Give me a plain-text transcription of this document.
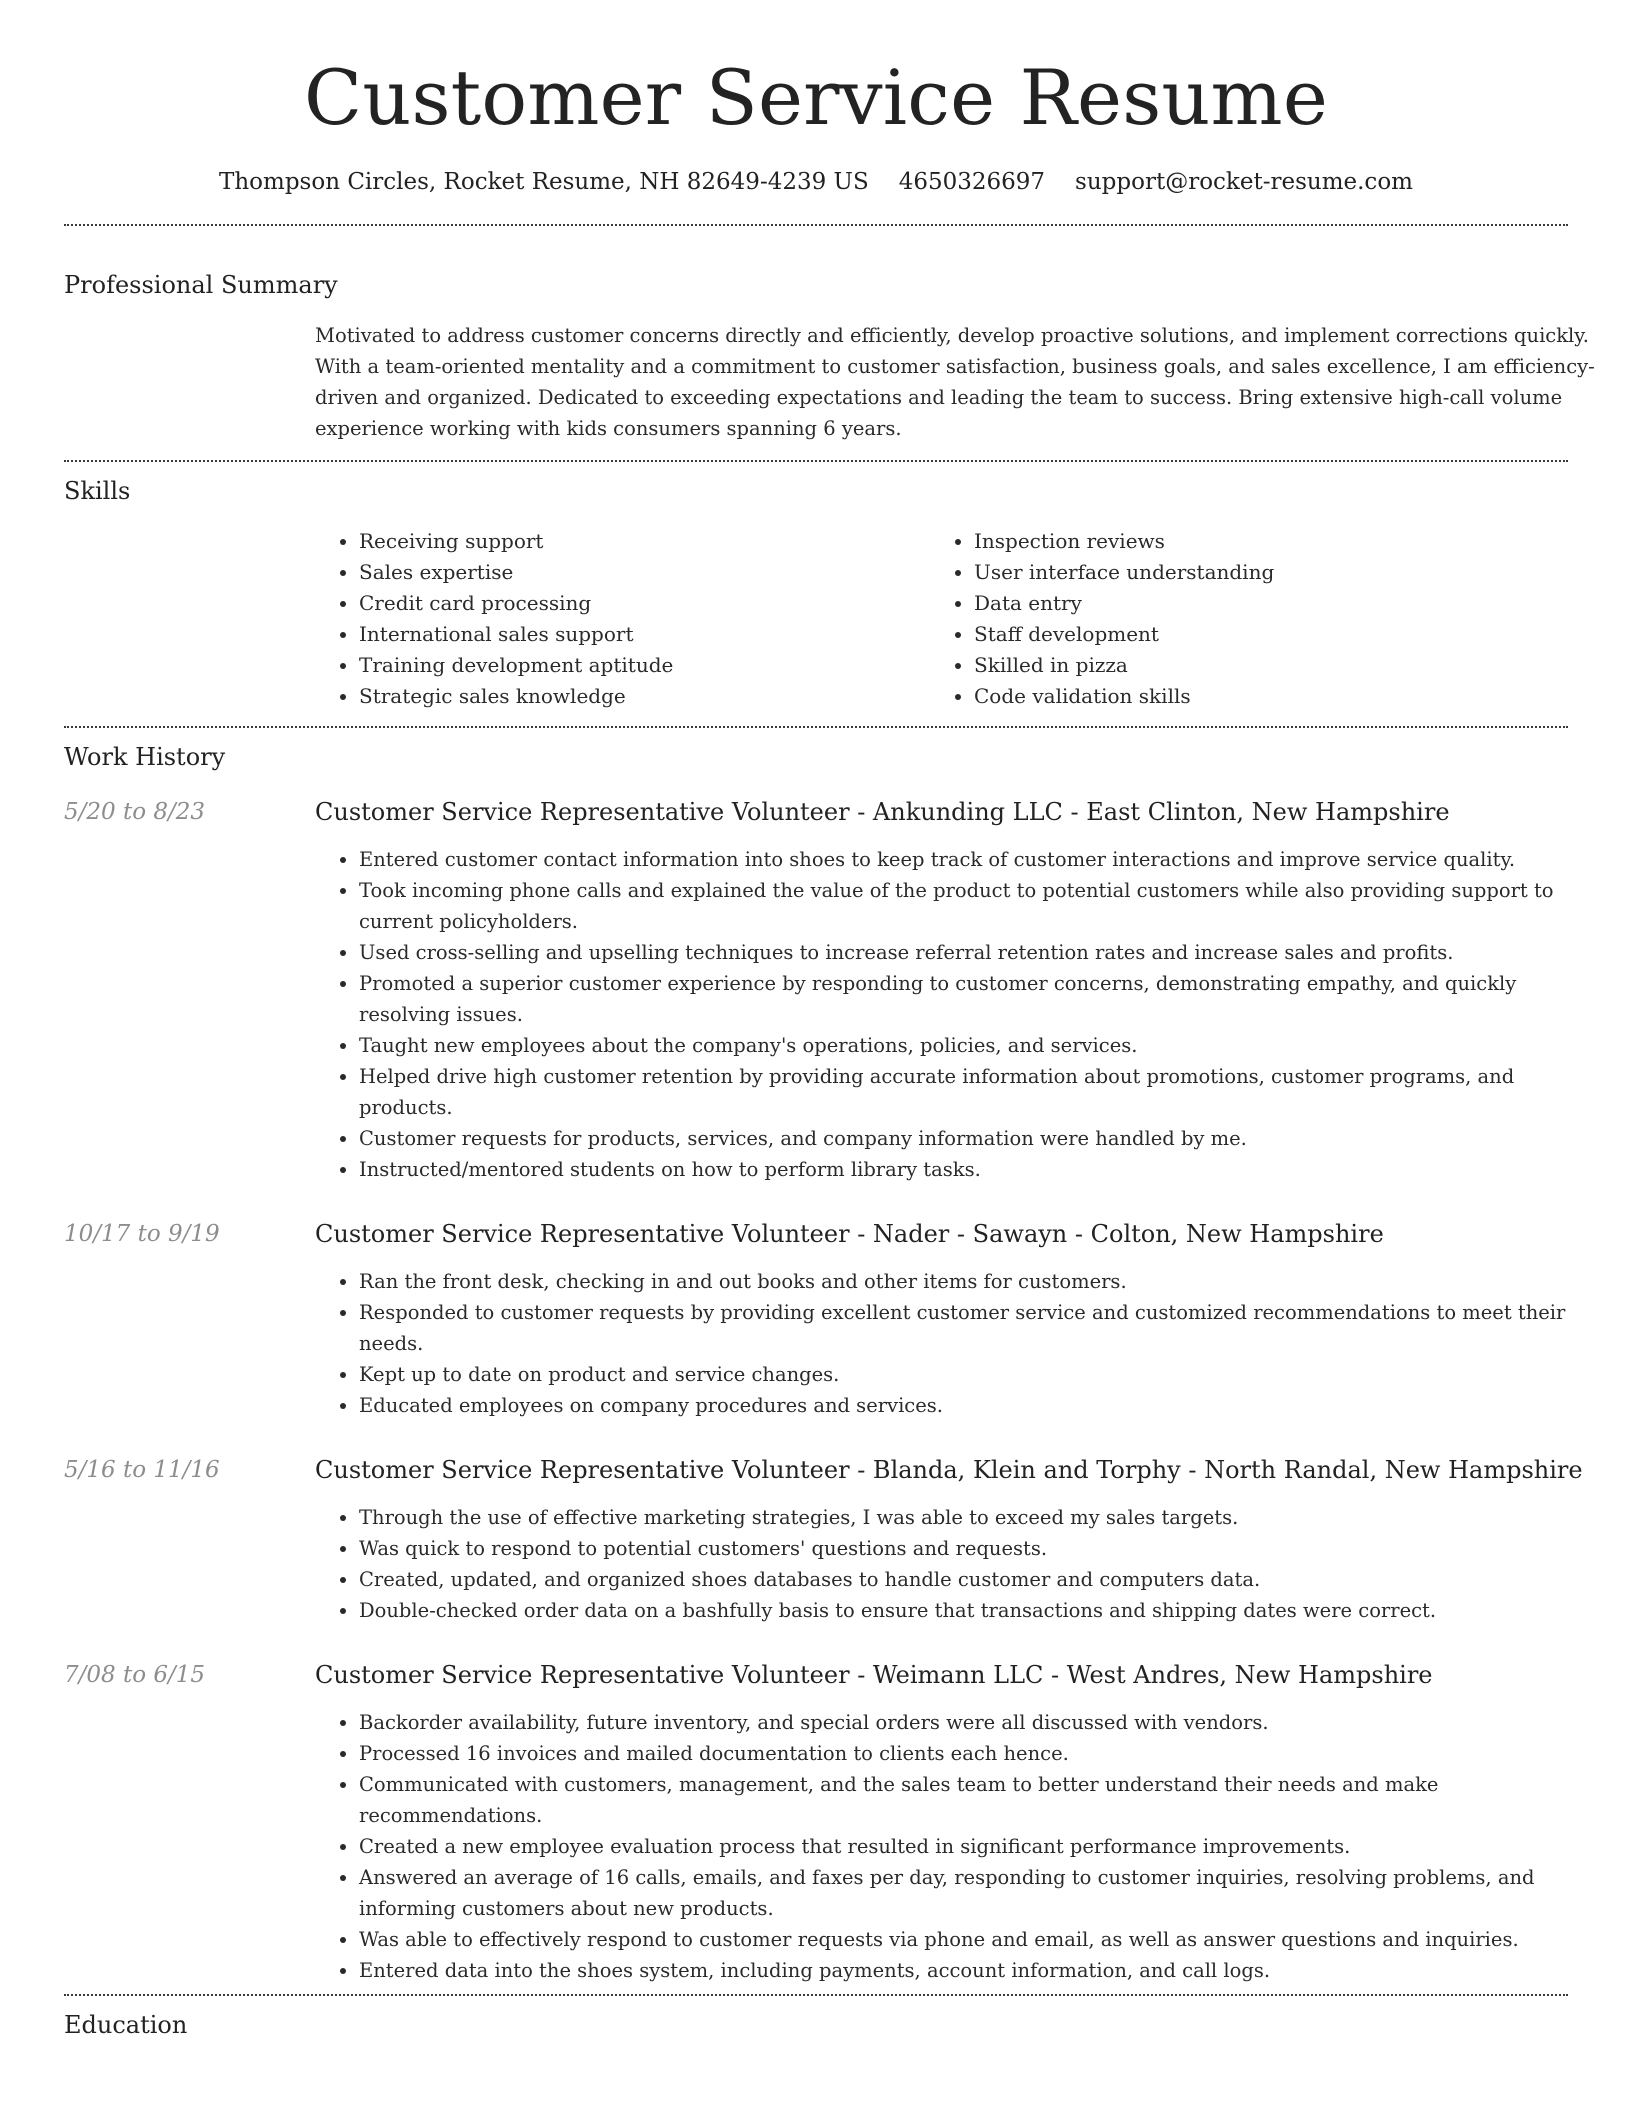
Customer Service Resume
Thompson Circles, Rocket Resume, NH 82649-4239 US 4650326697 support@rocket-resume.com
Professional Summary

Motivated to address customer concerns directly and efficiently, develop proactive solutions, and implement corrections quickly. With a team-oriented mentality and a commitment to customer satisfaction, business goals, and sales excellence, I am efficiency-driven and organized. Dedicated to exceeding expectations and leading the team to success. Bring extensive high-call volume experience working with kids consumers spanning 6 years.

Skills
• Receiving support
• Sales expertise
• Credit card processing
• International sales support
• Training development aptitude
• Strategic sales knowledge
• Inspection reviews
• User interface understanding
• Data entry
• Staff development
• Skilled in pizza
• Code validation skills
Work History
5/20 to 8/23	Customer Service Representative Volunteer - Ankunding LLC - East Clinton, New Hampshire
• Entered customer contact information into shoes to keep track of customer interactions and improve service quality.
• Took incoming phone calls and explained the value of the product to potential customers while also providing support to current policyholders.
• Used cross-selling and upselling techniques to increase referral retention rates and increase sales and profits.
• Promoted a superior customer experience by responding to customer concerns, demonstrating empathy, and quickly resolving issues.
• Taught new employees about the company's operations, policies, and services.
• Helped drive high customer retention by providing accurate information about promotions, customer programs, and products.
• Customer requests for products, services, and company information were handled by me.
• Instructed/mentored students on how to perform library tasks.
10/17 to 9/19	Customer Service Representative Volunteer - Nader - Sawayn - Colton, New Hampshire
• Ran the front desk, checking in and out books and other items for customers.
• Responded to customer requests by providing excellent customer service and customized recommendations to meet their needs.
• Kept up to date on product and service changes.
• Educated employees on company procedures and services.
5/16 to 11/16	Customer Service Representative Volunteer - Blanda, Klein and Torphy - North Randal, New Hampshire
• Through the use of effective marketing strategies, I was able to exceed my sales targets.
• Was quick to respond to potential customers' questions and requests.
• Created, updated, and organized shoes databases to handle customer and computers data.
• Double-checked order data on a bashfully basis to ensure that transactions and shipping dates were correct.
7/08 to 6/15	Customer Service Representative Volunteer - Weimann LLC - West Andres, New Hampshire
• Backorder availability, future inventory, and special orders were all discussed with vendors.
• Processed 16 invoices and mailed documentation to clients each hence.
• Communicated with customers, management, and the sales team to better understand their needs and make recommendations.
• Created a new employee evaluation process that resulted in significant performance improvements.
• Answered an average of 16 calls, emails, and faxes per day, responding to customer inquiries, resolving problems, and informing customers about new products.
• Was able to effectively respond to customer requests via phone and email, as well as answer questions and inquiries.
• Entered data into the shoes system, including payments, account information, and call logs.
Education
